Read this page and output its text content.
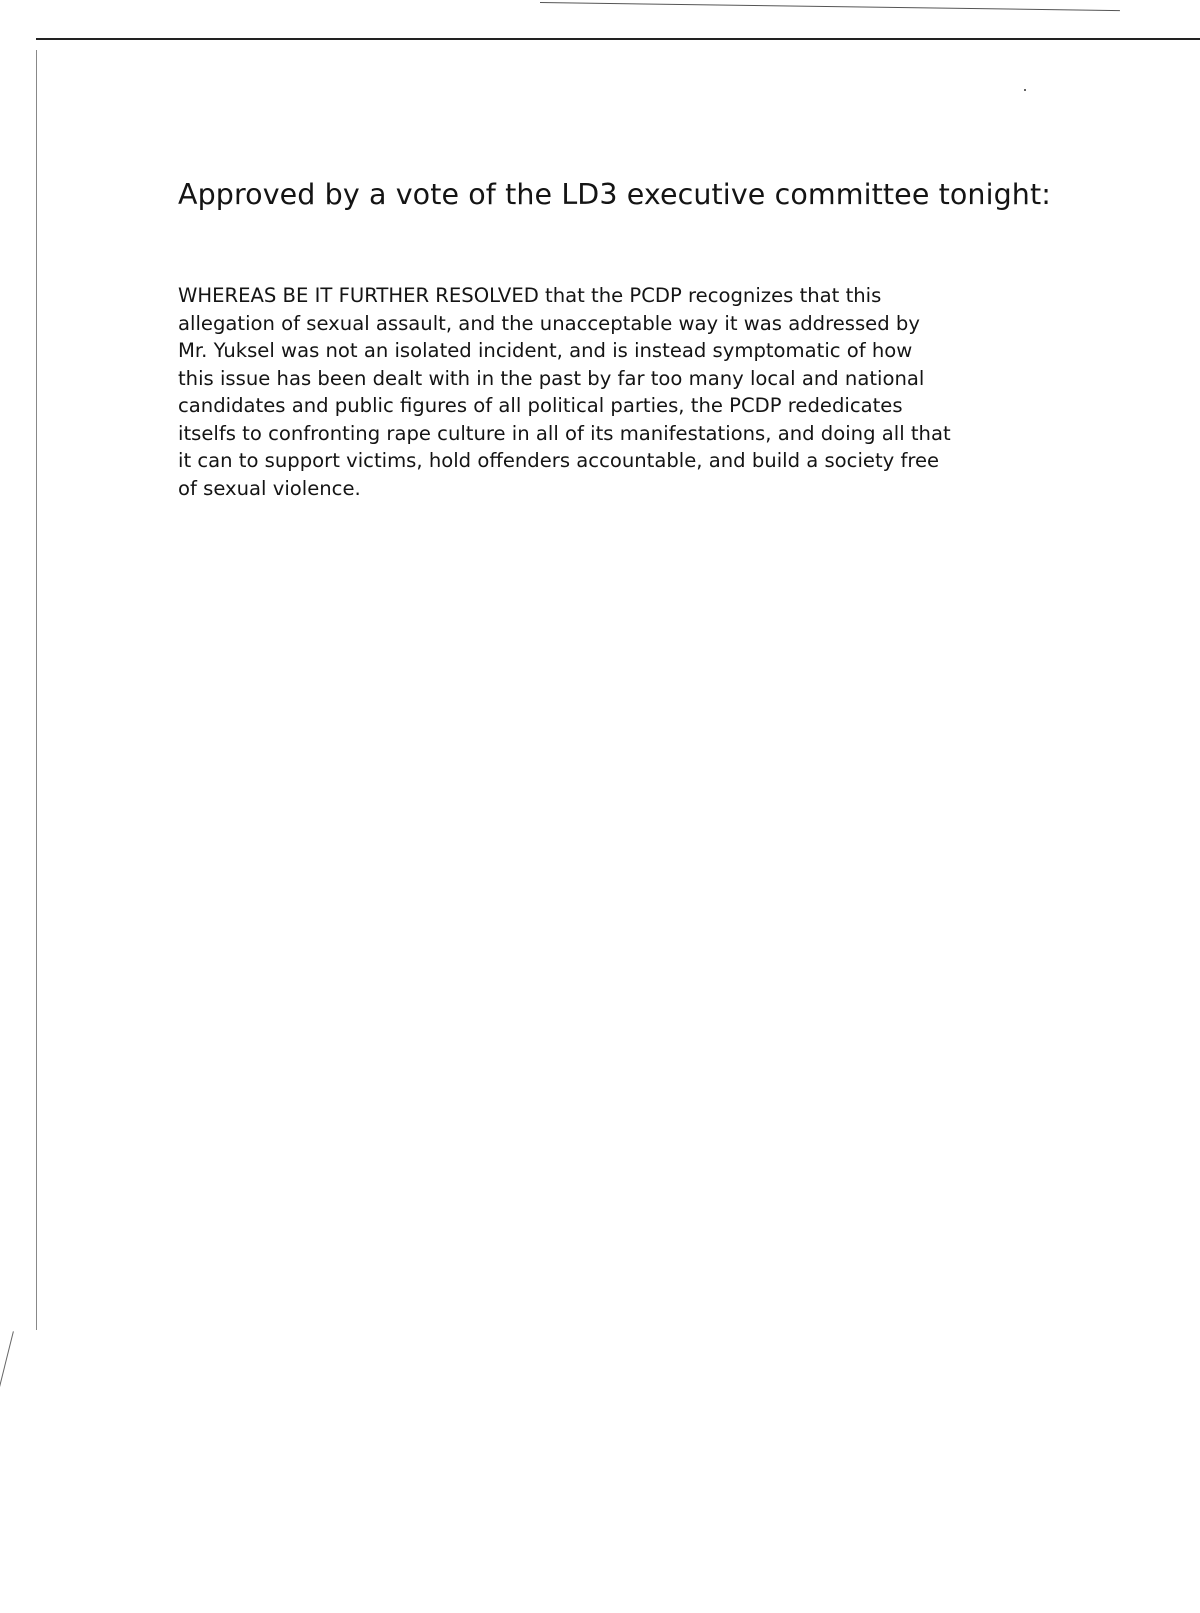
Approved by a vote of the LD3 executive committee tonight:
WHEREAS BE IT FURTHER RESOLVED that the PCDP recognizes that this
allegation of sexual assault, and the unacceptable way it was addressed by
Mr. Yuksel was not an isolated incident, and is instead symptomatic of how
this issue has been dealt with in the past by far too many local and national
candidates and public figures of all political parties, the PCDP rededicates
itselfs to confronting rape culture in all of its manifestations, and doing all that
it can to support victims, hold offenders accountable, and build a society free
of sexual violence.
